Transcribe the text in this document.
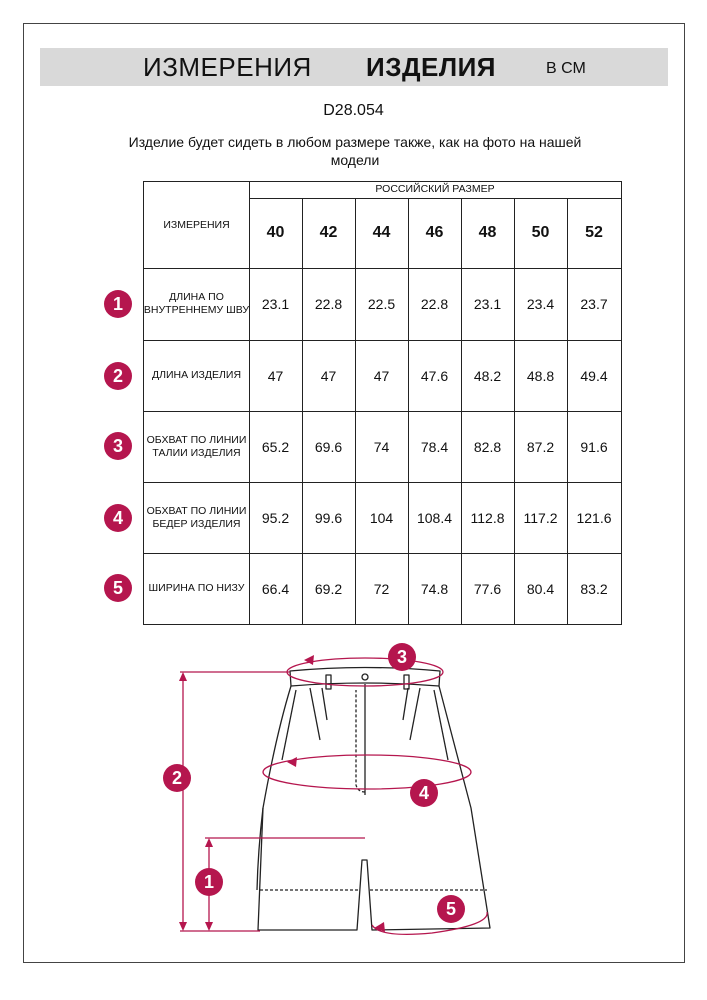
ИЗМЕРЕНИЯ ИЗДЕЛИЯ	В СМ
D28.054
Изделие будет сидеть в любом размере также, как на фото на нашей модели
ИЗМЕРЕНИЯ
РОССИЙСКИЙ РАЗМЕР
40	42	44	46	48	50	52
1	ДЛИНА ПО ВНУТРЕННЕМУ ШВУ 23.1	22.8	22.5	22.8	23.1	23.4	23.7
2	ДЛИНА ИЗДЕЛИЯ	47	47	47	47.6	48.2	48.8	49.4
3	ОБХВАТ ПО ЛИНИИ ТАЛИИ ИЗДЕЛИЯ	65.2	69.6	74	78.4	82.8	87.2	91.6
4	ОБХВАТ ПО ЛИНИИ БЕДЕР ИЗДЕЛИЯ	95.2	99.6	104	108.4	112.8	117.2	121.6
5	ШИРИНА ПО НИЗУ	66.4	69.2	72	74.8	77.6	80.4	83.2
3
2
4
1
5
